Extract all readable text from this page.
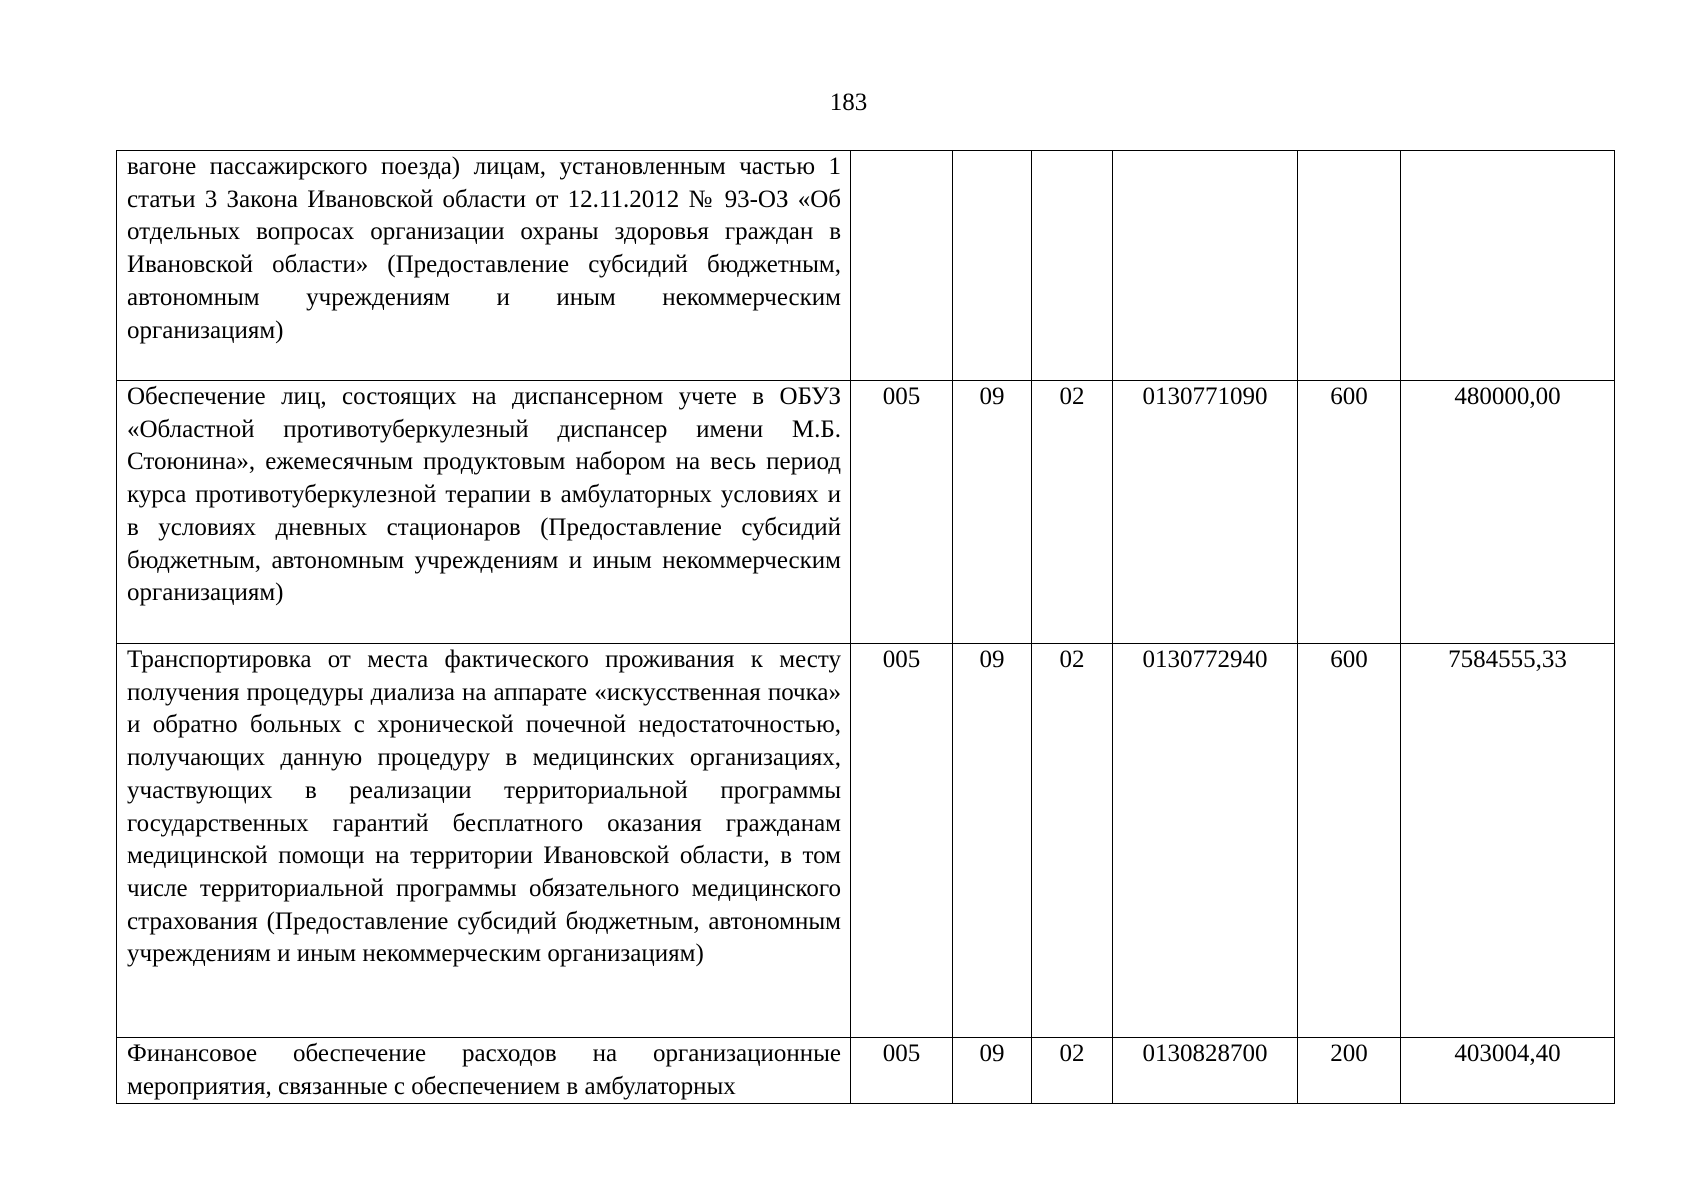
183
вагоне пассажирского поезда) лицам, установленным частью 1 статьи 3 Закона Ивановской области от 12.11.2012 № 93-ОЗ «Об отдельных вопросах организации охраны здоровья граждан в Ивановской области» (Предоставление субсидий бюджетным, автономным учреждениям и иным некоммерческим организациям)						
Обеспечение лиц, состоящих на диспансерном учете в ОБУЗ «Областной противотуберкулезный диспансер имени М.Б. Стоюнина», ежемесячным продуктовым набором на весь период курса противотуберкулезной терапии в амбулаторных условиях и в условиях дневных стационаров (Предоставление субсидий бюджетным, автономным учреждениям и иным некоммерческим организациям)	005	09	02	0130771090	600	480000,00
Транспортировка от места фактического проживания к месту получения процедуры диализа на аппарате «искусственная почка» и обратно больных с хронической почечной недостаточностью, получающих данную процедуру в медицинских организациях, участвующих в реализации территориальной программы государственных гарантий бесплатного оказания гражданам медицинской помощи на территории Ивановской области, в том числе территориальной программы обязательного медицинского страхования (Предоставление субсидий бюджетным, автономным учреждениям и иным некоммерческим организациям)	005	09	02	0130772940	600	7584555,33
Финансовое обеспечение расходов на организационные мероприятия, связанные с обеспечением в амбулаторных	005	09	02	0130828700	200	403004,40
